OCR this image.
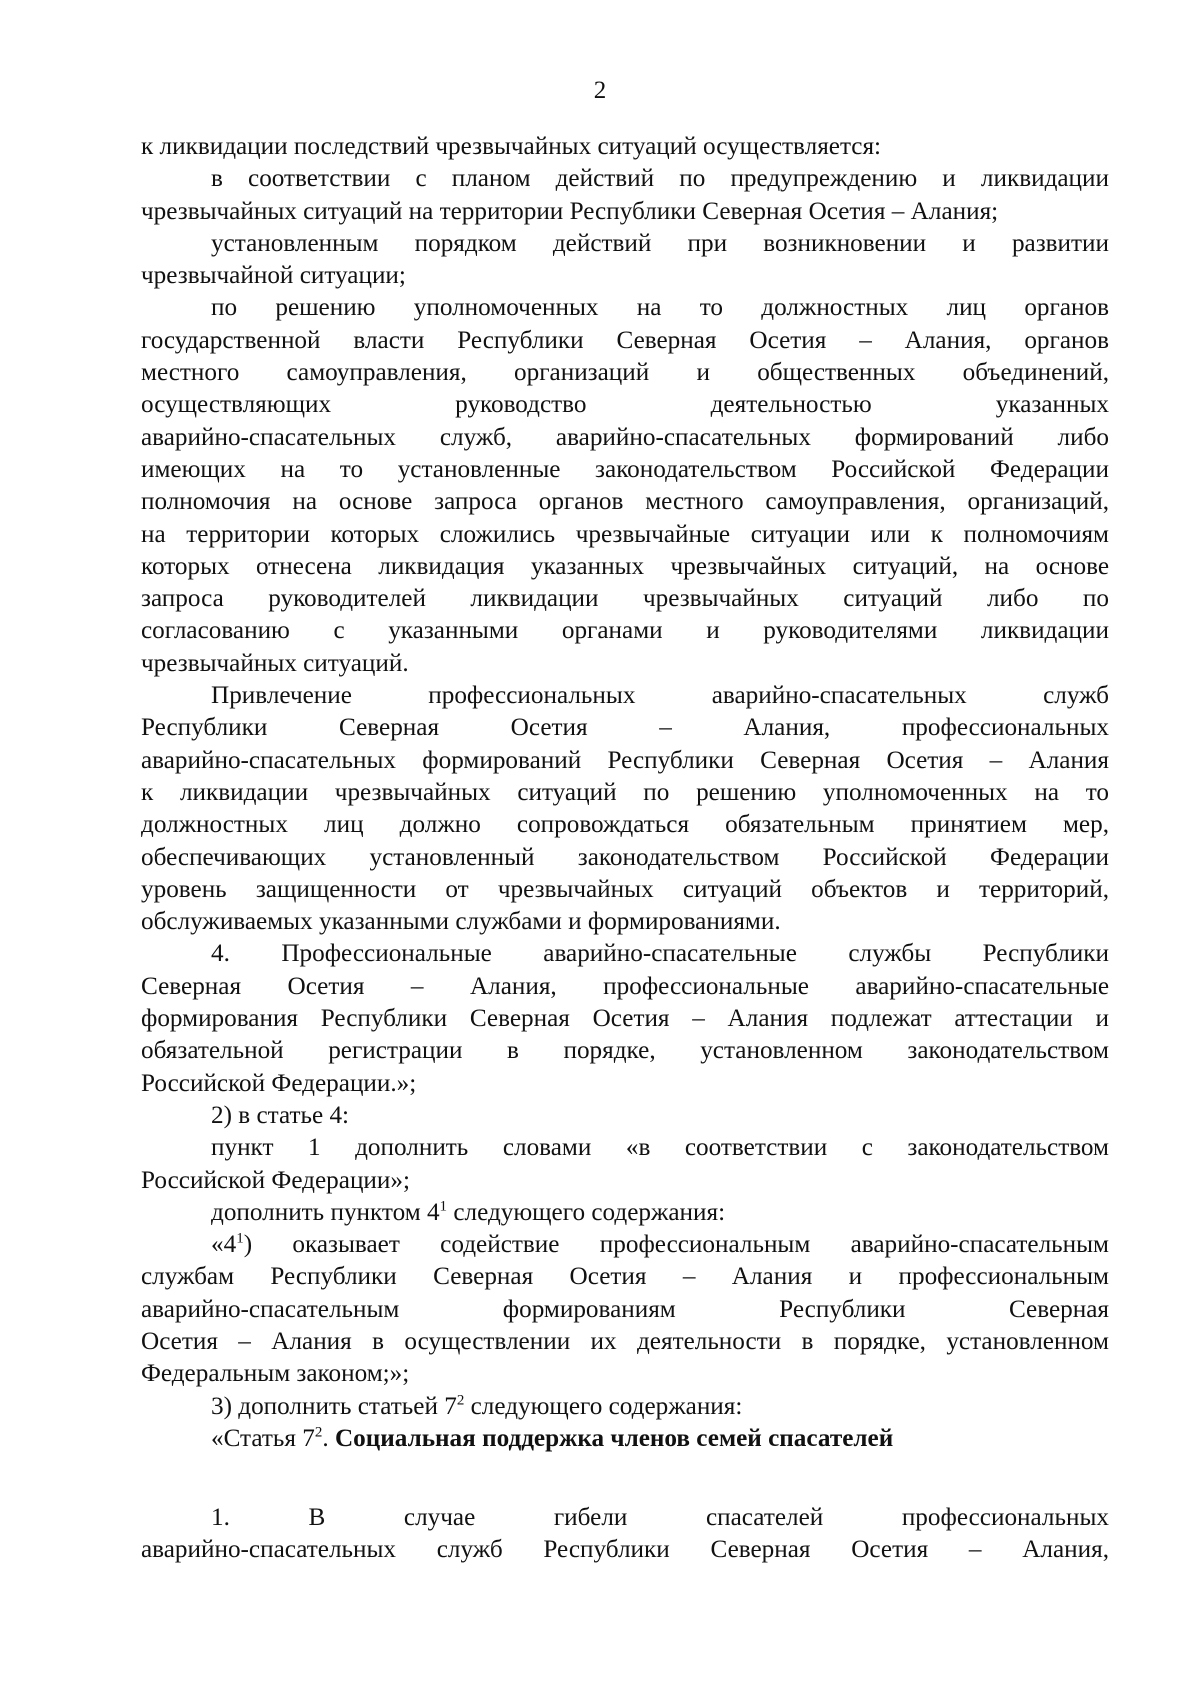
2
к ликвидации последствий чрезвычайных ситуаций осуществляется:
в соответствии с планом действий по предупреждению и ликвидации
чрезвычайных ситуаций на территории Республики Северная Осетия – Алания;
установленным порядком действий при возникновении и развитии
чрезвычайной ситуации;
по решению уполномоченных на то должностных лиц органов
государственной власти Республики Северная Осетия – Алания, органов
местного самоуправления, организаций и общественных объединений,
осуществляющих руководство деятельностью указанных
аварийно-спасательных служб, аварийно-спасательных формирований либо
имеющих на то установленные законодательством Российской Федерации
полномочия на основе запроса органов местного самоуправления, организаций,
на территории которых сложились чрезвычайные ситуации или к полномочиям
которых отнесена ликвидация указанных чрезвычайных ситуаций, на основе
запроса руководителей ликвидации чрезвычайных ситуаций либо по
согласованию с указанными органами и руководителями ликвидации
чрезвычайных ситуаций.
Привлечение профессиональных аварийно-спасательных служб
Республики Северная Осетия – Алания, профессиональных
аварийно-спасательных формирований Республики Северная Осетия – Алания
к ликвидации чрезвычайных ситуаций по решению уполномоченных на то
должностных лиц должно сопровождаться обязательным принятием мер,
обеспечивающих установленный законодательством Российской Федерации
уровень защищенности от чрезвычайных ситуаций объектов и территорий,
обслуживаемых указанными службами и формированиями.
4. Профессиональные аварийно-спасательные службы Республики
Северная Осетия – Алания, профессиональные аварийно-спасательные
формирования Республики Северная Осетия – Алания подлежат аттестации и
обязательной регистрации в порядке, установленном законодательством
Российской Федерации.»;
2) в статье 4:
пункт 1 дополнить словами «в соответствии с законодательством
Российской Федерации»;
дополнить пунктом $4^1$ следующего содержания:
«$4^1$) оказывает содействие профессиональным аварийно-спасательным
службам Республики Северная Осетия – Алания и профессиональным
аварийно-спасательным формированиям Республики Северная
Осетия – Алания в осуществлении их деятельности в порядке, установленном
Федеральным законом;»;
3) дополнить статьей $7^2$ следующего содержания:
«Статья $7^2$. Социальная поддержка членов семей спасателей
1. В случае гибели спасателей профессиональных
аварийно-спасательных служб Республики Северная Осетия – Алания,
